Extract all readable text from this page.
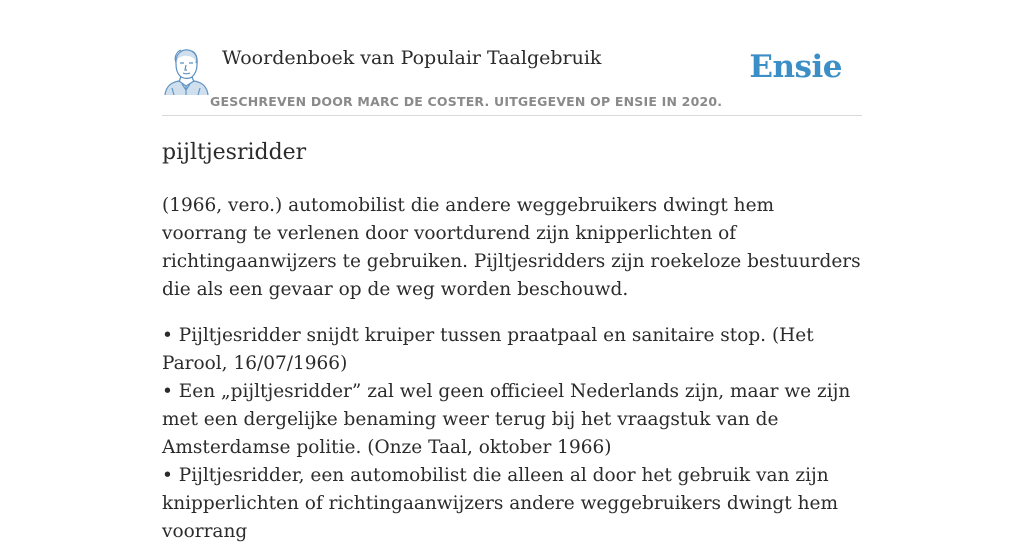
Woordenboek van Populair Taalgebruik
GESCHREVEN DOOR MARC DE COSTER. UITGEGEVEN OP ENSIE IN 2020.
Ensie
pijltjesridder

(1966, vero.) automobilist die andere weggebruikers dwingt hem voorrang te verlenen door voortdurend zijn knipperlichten of richtingaanwijzers te gebruiken. Pijltjesridders zijn roekeloze bestuurders die als een gevaar op de weg worden beschouwd.

• Pijltjesridder snijdt kruiper tussen praatpaal en sanitaire stop. (Het Parool, 16/07/1966)

• Een „pijltjesridder” zal wel geen officieel Nederlands zijn, maar we zijn met een dergelijke benaming weer terug bij het vraagstuk van de Amsterdamse politie. (Onze Taal, oktober 1966)

• Pijltjesridder, een automobilist die alleen al door het gebruik van zijn knipperlichten of richtingaanwijzers andere weggebruikers dwingt hem voorrang
